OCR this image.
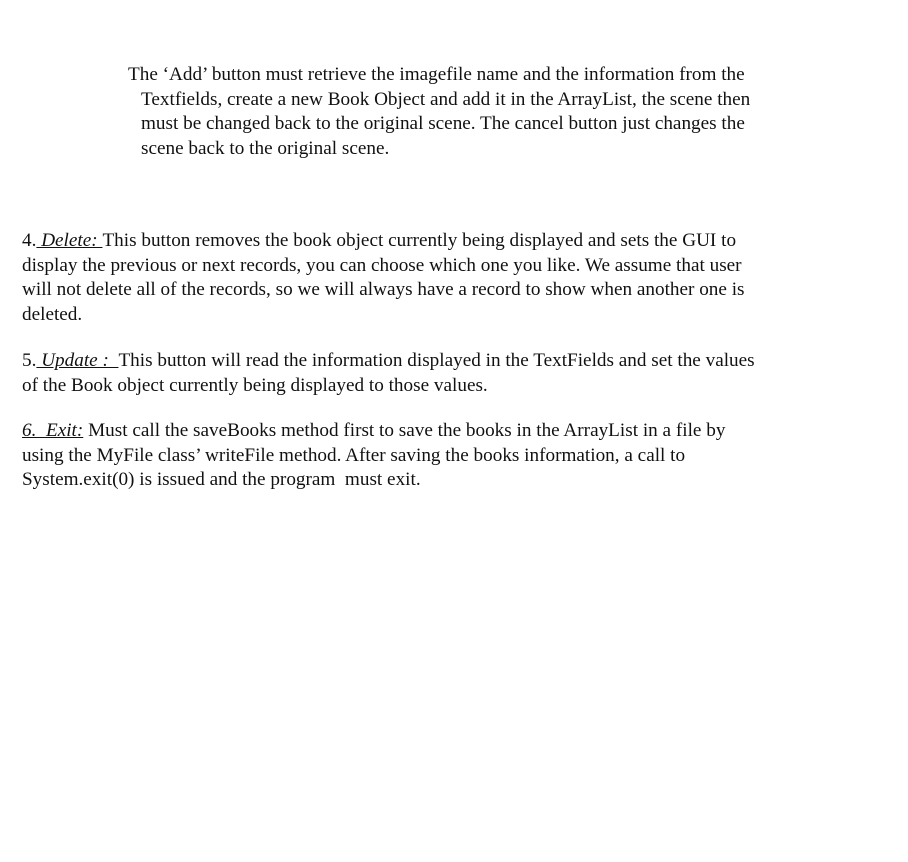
The ‘Add’ button must retrieve the imagefile name and the information from the
Textfields, create a new Book Object and add it in the ArrayList, the scene then
must be changed back to the original scene. The cancel button just changes the
scene back to the original scene.
4. Delete: This button removes the book object currently being displayed and sets the GUI to
display the previous or next records, you can choose which one you like. We assume that user
will not delete all of the records, so we will always have a record to show when another one is
deleted.
5. Update :  This button will read the information displayed in the TextFields and set the values
of the Book object currently being displayed to those values.
6.  Exit: Must call the saveBooks method first to save the books in the ArrayList in a file by
using the MyFile class’ writeFile method. After saving the books information, a call to
System.exit(0) is issued and the program  must exit.
